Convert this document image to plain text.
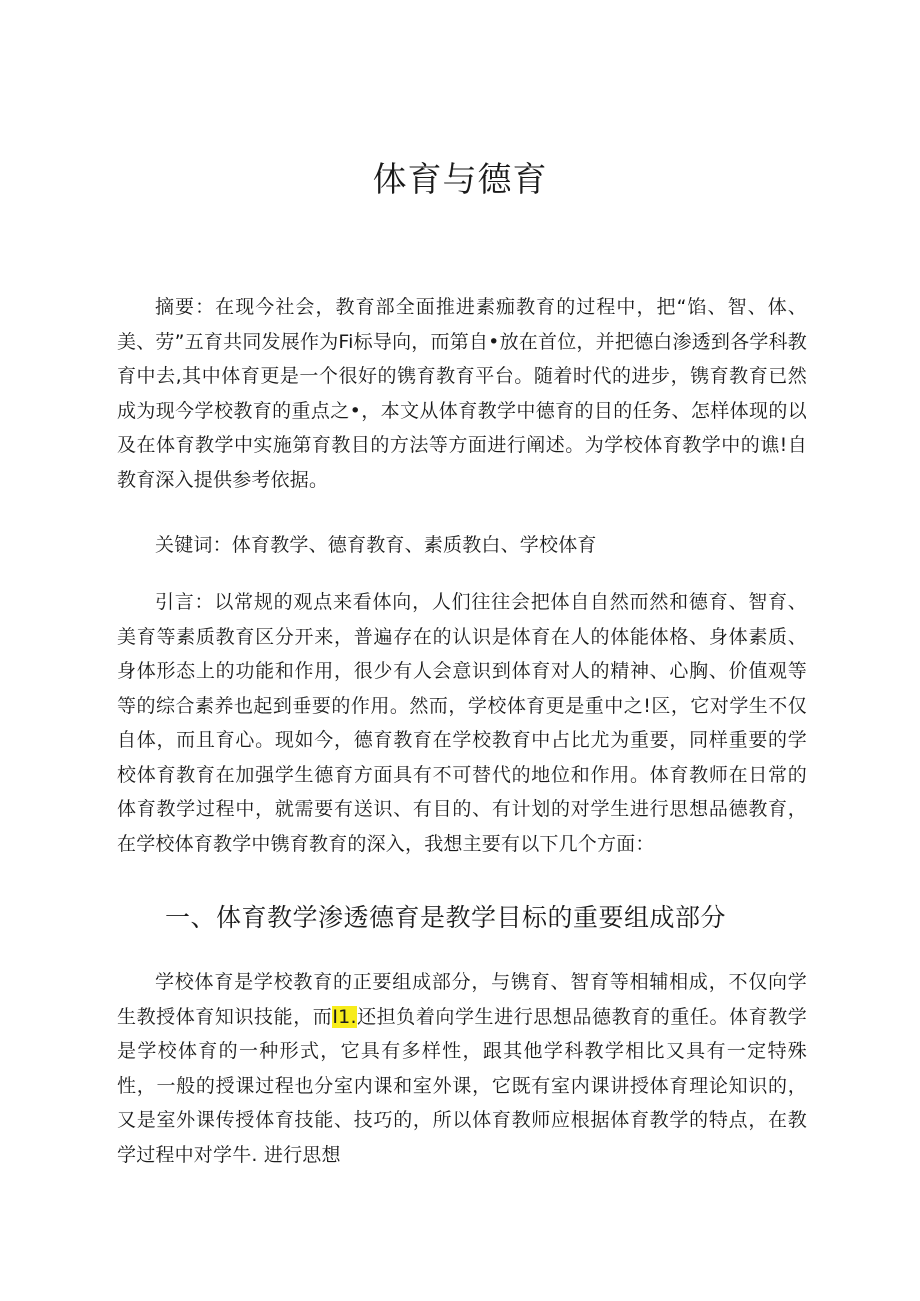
体育与德育

摘要：在现今社会，教育部全面推进素痂教育的过程中，把“馅、智、体、美、劳”五育共同发展作为Fi标导向，而第自•放在首位，并把德白渗透到各学科教育中去,其中体育更是一个很好的镌育教育平台。随着时代的进步，镌育教育已然成为现今学校教育的重点之•，本文从体育教学中德育的目的任务、怎样体现的以及在体育教学中实施第育教目的方法等方面进行阐述。为学校体育教学中的谯!自教育深入提供参考依据。

关键词：体育教学、德育教育、素质教白、学校体育

引言：以常规的观点来看体向，人们往往会把体自自然而然和德育、智育、美育等素质教育区分开来，普遍存在的认识是体育在人的体能体格、身体素质、身体形态上的功能和作用，很少有人会意识到体育对人的精神、心胸、价值观等等的综合素养也起到垂要的作用。然而，学校体育更是重中之!区，它对学生不仅自体，而且育心。现如今，德育教育在学校教育中占比尤为重要，同样重要的学校体育教育在加强学生德育方面具有不可替代的地位和作用。体育教师在日常的体育教学过程中，就需要有送识、有目的、有计划的对学生进行思想品德教育，在学校体育教学中镌育教育的深入，我想主要有以下几个方面：

一、体育教学渗透德育是教学目标的重要组成部分

学校体育是学校教育的正要组成部分，与镌育、智育等相辅相成，不仅向学生教授体育知识技能，而I1.还担负着向学生进行思想品德教育的重任。体育教学是学校体育的一种形式，它具有多样性，跟其他学科教学相比又具有一定特殊性，一般的授课过程也分室内课和室外课，它既有室内课讲授体育理论知识的，又是室外课传授体育技能、技巧的，所以体育教师应根据体育教学的特点，在教学过程中对学牛. 进行思想
